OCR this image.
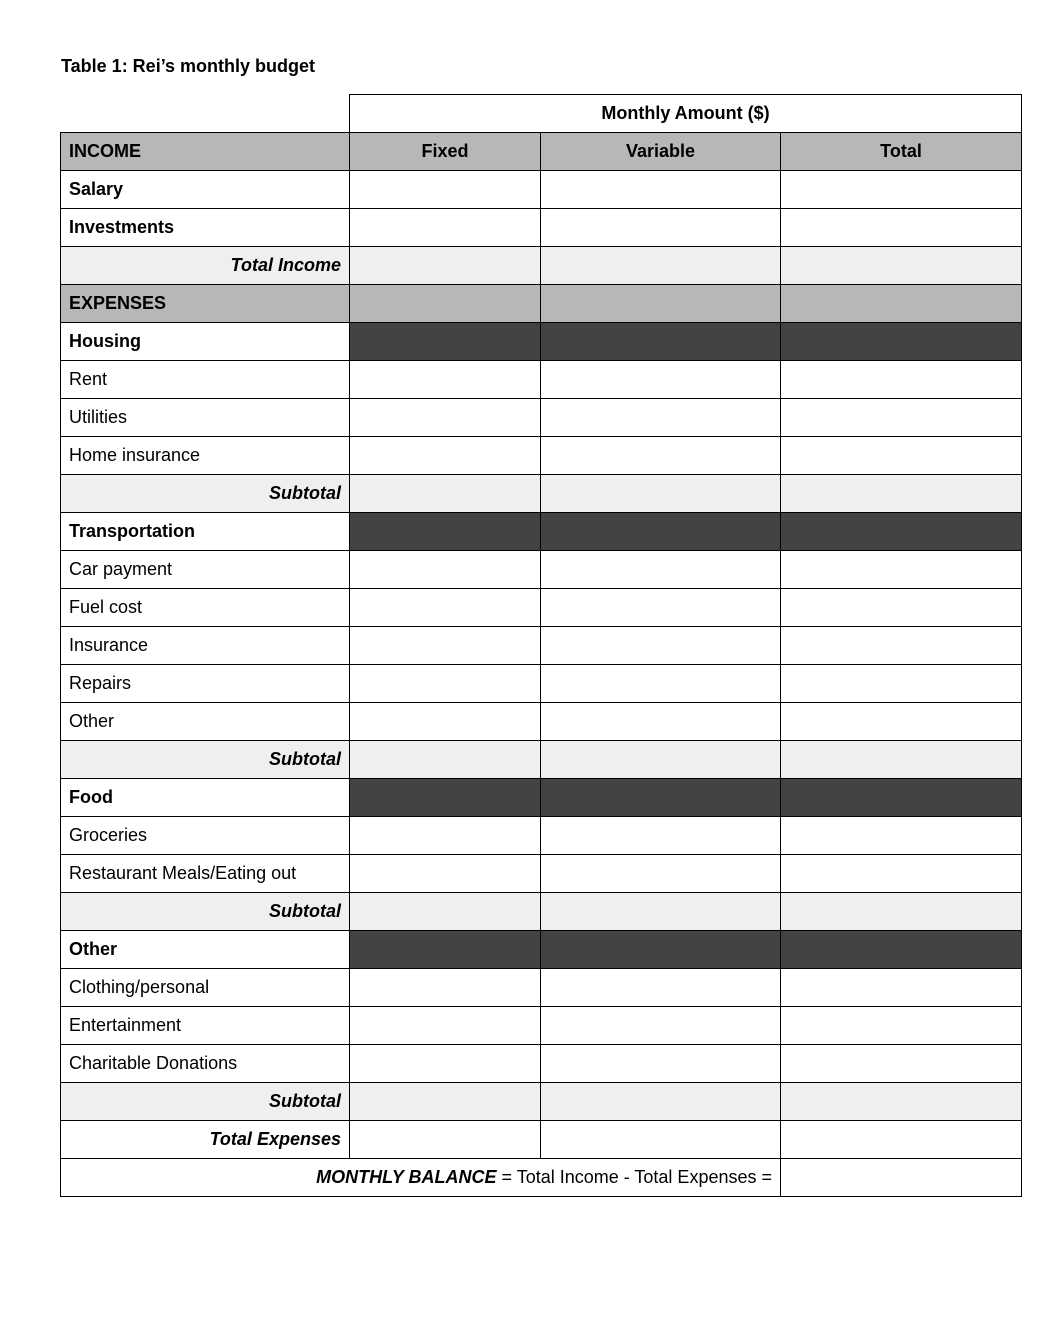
Table 1: Rei’s monthly budget
	Monthly Amount ($)		
INCOME	Fixed	Variable	Total
Salary			
Investments			
Total Income			
EXPENSES			
Housing			
Rent			
Utilities			
Home insurance			
Subtotal			
Transportation			
Car payment			
Fuel cost			
Insurance			
Repairs			
Other			
Subtotal			
Food			
Groceries			
Restaurant Meals/Eating out			
Subtotal			
Other			
Clothing/personal			
Entertainment			
Charitable Donations			
Subtotal			
Total Expenses			
MONTHLY BALANCE = Total Income - Total Expenses =			
